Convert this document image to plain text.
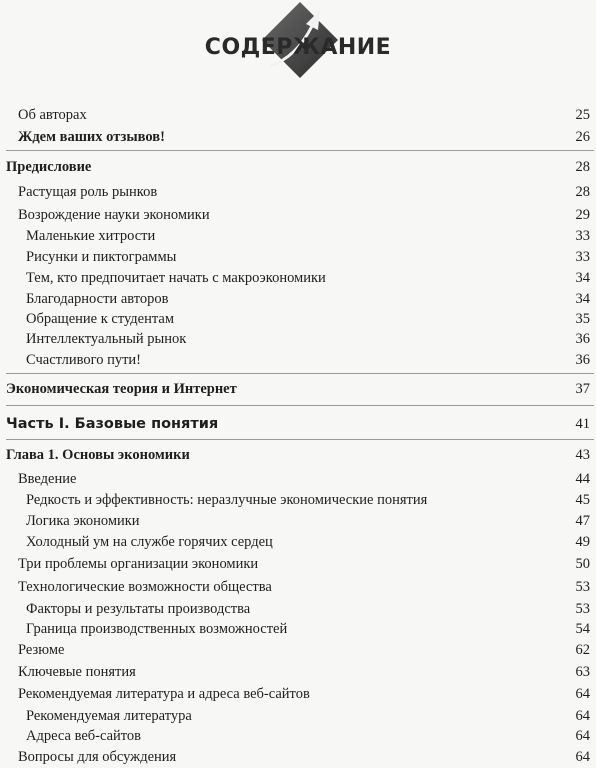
СОДЕРЖАНИЕ
Об авторах	25
Ждем ваших отзывов!	26
Предисловие	28
Растущая роль рынков	28
Возрождение науки экономики	29
Маленькие хитрости	33
Рисунки и пиктограммы	33
Тем, кто предпочитает начать с макроэкономики	34
Благодарности авторов	34
Обращение к студентам	35
Интеллектуальный рынок	36
Счастливого пути!	36
Экономическая теория и Интернет	37
Часть I. Базовые понятия	41
Глава 1. Основы экономики	43
Введение	44
Редкость и эффективность: неразлучные экономические понятия	45
Логика экономики	47
Холодный ум на службе горячих сердец	49
Три проблемы организации экономики	50
Технологические возможности общества	53
Факторы и результаты производства	53
Граница производственных возможностей	54
Резюме	62
Ключевые понятия	63
Рекомендуемая литература и адреса веб-сайтов	64
Рекомендуемая литература	64
Адреса веб-сайтов	64
Вопросы для обсуждения	64
